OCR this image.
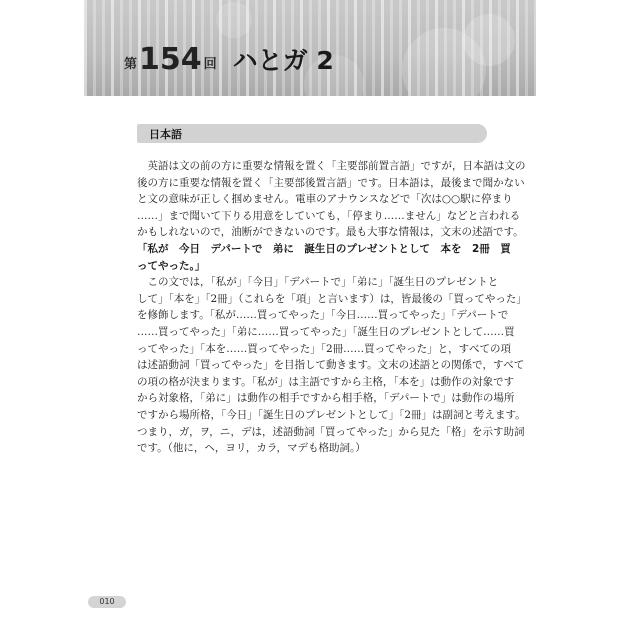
第 154 回 ハとガ 2
日本語
　英語は文の前の方に重要な情報を置く「主要部前置言語」ですが，日本語は文の
後の方に重要な情報を置く「主要部後置言語」です。日本語は，最後まで聞かない
と文の意味が正しく掴めません。電車のアナウンスなどで「次は○○駅に停まり
……」まで聞いて下りる用意をしていても，「停まり……ません」などと言われる
かもしれないので，油断ができないのです。最も大事な情報は，文末の述語です。
「私が　今日　デパートで　弟に　誕生日のプレゼントとして　本を　2冊　買
ってやった。」
　この文では，「私が」「今日」「デパートで」「弟に」「誕生日のプレゼントと
して」「本を」「2冊」（これらを「項」と言います）は，皆最後の「買ってやった」
を修飾します。「私が……買ってやった」「今日……買ってやった」「デパートで
……買ってやった」「弟に……買ってやった」「誕生日のプレゼントとして……買
ってやった」「本を……買ってやった」「2冊……買ってやった」と，すべての項
は述語動詞「買ってやった」を目指して動きます。文末の述語との関係で，すべて
の項の格が決まります。「私が」は主語ですから主格，「本を」は動作の対象です
から対象格，「弟に」は動作の相手ですから相手格，「デパートで」は動作の場所
ですから場所格，「今日」「誕生日のプレゼントとして」「2冊」は副詞と考えます。
つまり，ガ，ヲ，ニ，デは，述語動詞「買ってやった」から見た「格」を示す助詞
です。（他に，ヘ，ヨリ，カラ，マデも格助詞。）
010
